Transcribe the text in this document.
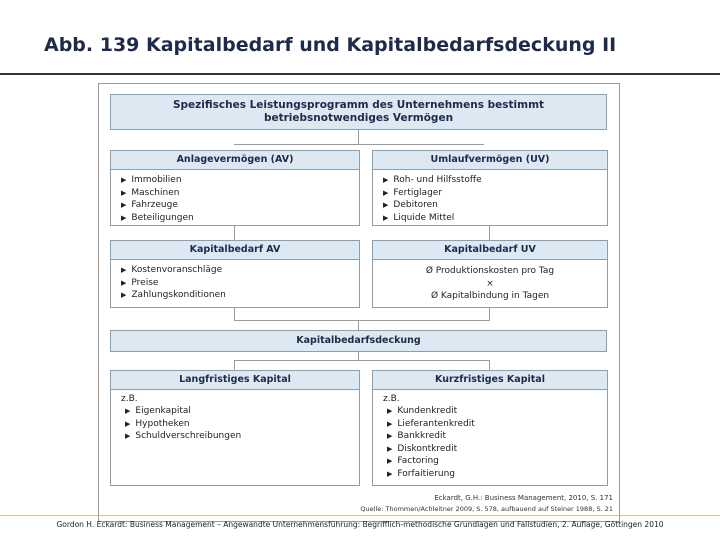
Abb. 139 Kapitalbedarf und Kapitalbedarfsdeckung II
Spezifisches Leistungsprogramm des Unternehmens bestimmt
betriebsnotwendiges Vermögen
Anlagevermögen (AV)
▶ Immobilien
▶ Maschinen
▶ Fahrzeuge
▶ Beteiligungen
Umlaufvermögen (UV)
▶ Roh- und Hilfsstoffe
▶ Fertiglager
▶ Debitoren
▶ Liquide Mittel
Kapitalbedarf AV
▶ Kostenvoranschläge
▶ Preise
▶ Zahlungskonditionen
Kapitalbedarf UV
Ø Produktionskosten pro Tag
×
Ø Kapitalbindung in Tagen
Kapitalbedarfsdeckung
Langfristiges Kapital
z.B.
▶ Eigenkapital
▶ Hypotheken
▶ Schuldverschreibungen
Kurzfristiges Kapital
z.B.
▶ Kundenkredit
▶ Lieferantenkredit
▶ Bankkredit
▶ Diskontkredit
▶ Factoring
▶ Forfaitierung
Eckardt, G.H.: Business Management, 2010, S. 171
Quelle: Thommen/Achleitner 2009, S. 578, aufbauend auf Steiner 1988, S. 21
Gordon H. Eckardt: Business Management – Angewandte Unternehmensführung: Begrifflich-methodische Grundlagen und Fallstudien, 2. Auflage, Göttingen 2010
